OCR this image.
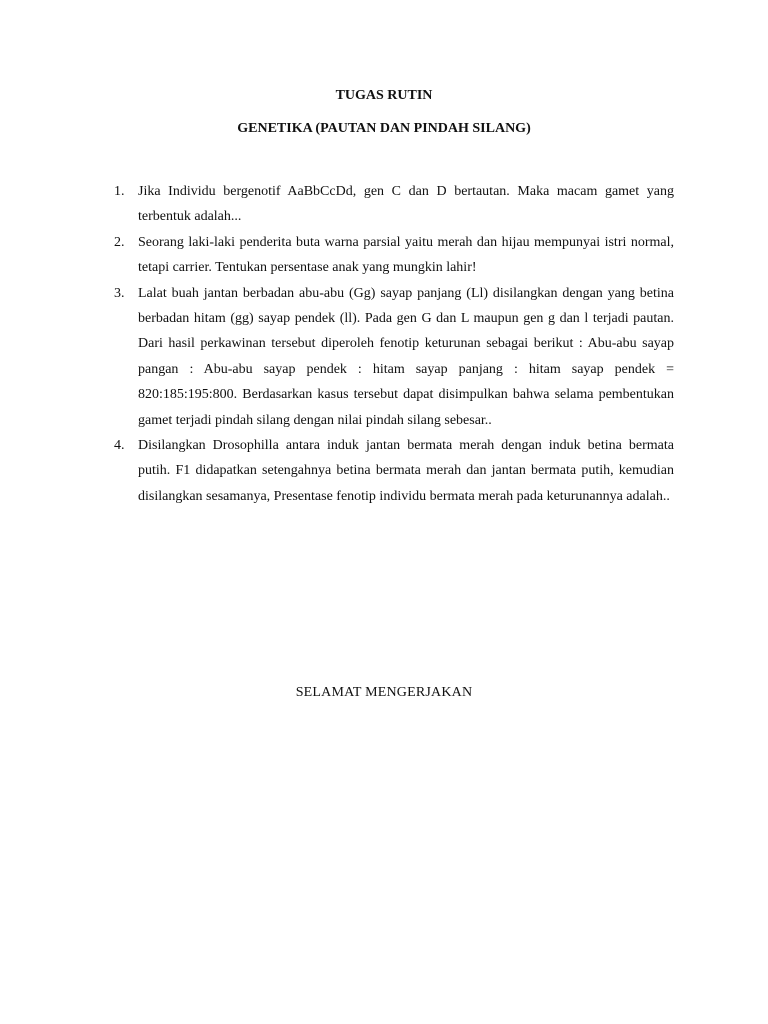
TUGAS RUTIN
GENETIKA (PAUTAN DAN PINDAH SILANG)
1. Jika Individu bergenotif AaBbCcDd, gen C dan D bertautan. Maka macam gamet yang terbentuk adalah...
2. Seorang laki-laki penderita buta warna parsial yaitu merah dan hijau mempunyai istri normal, tetapi carrier. Tentukan persentase anak yang mungkin lahir!
3. Lalat buah jantan berbadan abu-abu (Gg) sayap panjang (Ll) disilangkan dengan yang betina berbadan hitam (gg) sayap pendek (ll). Pada gen G dan L maupun gen g dan l terjadi pautan. Dari hasil perkawinan tersebut diperoleh fenotip keturunan sebagai berikut : Abu-abu sayap pangan : Abu-abu sayap pendek : hitam sayap panjang : hitam sayap pendek = 820:185:195:800. Berdasarkan kasus tersebut dapat disimpulkan bahwa selama pembentukan gamet terjadi pindah silang dengan nilai pindah silang sebesar..
4. Disilangkan Drosophilla antara induk jantan bermata merah dengan induk betina bermata putih. F1 didapatkan setengahnya betina bermata merah dan jantan bermata putih, kemudian disilangkan sesamanya, Presentase fenotip individu bermata merah pada keturunannya adalah..
SELAMAT MENGERJAKAN
